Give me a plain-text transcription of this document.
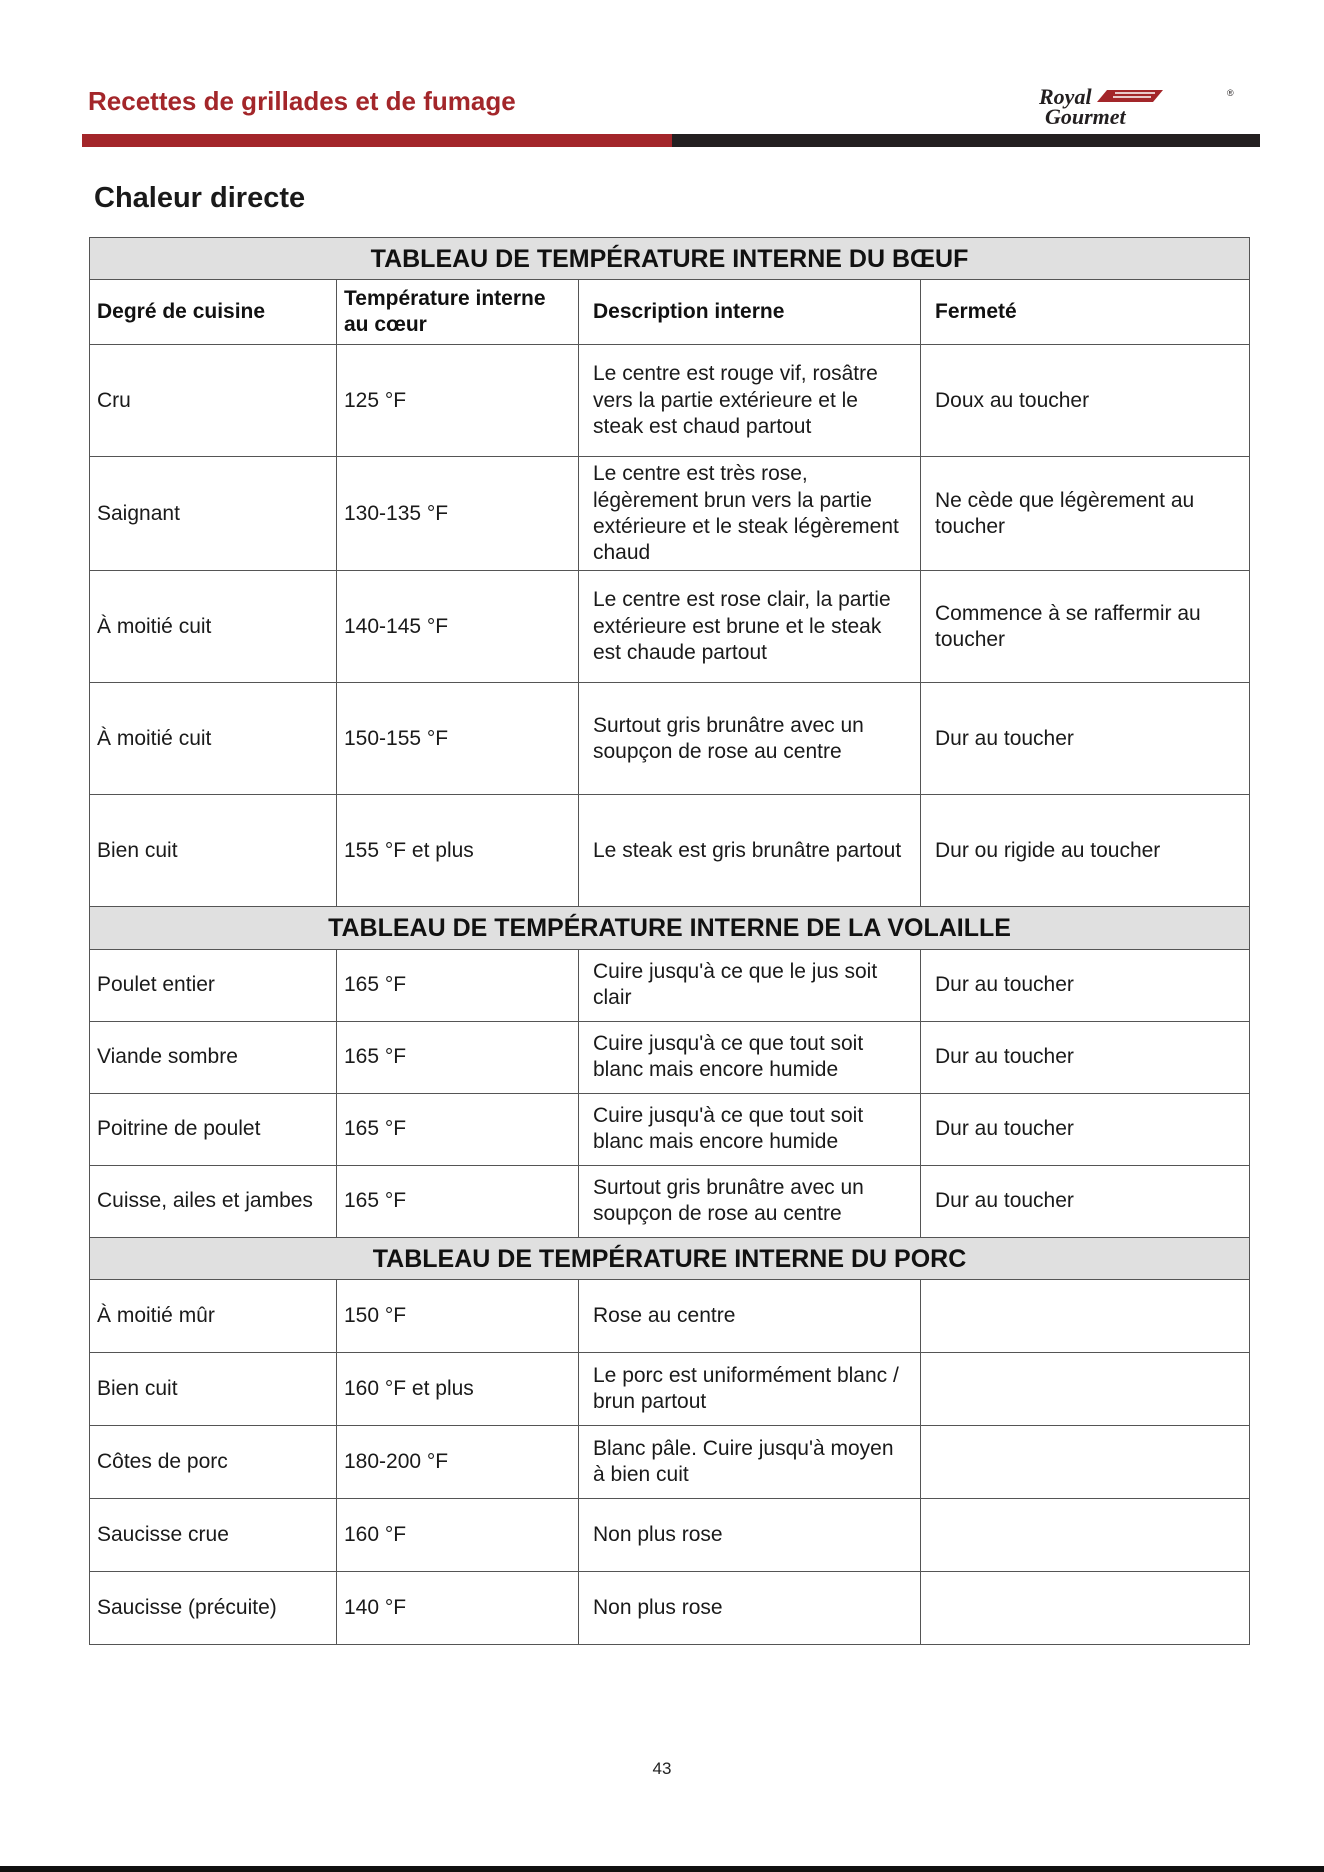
Recettes de grillades et de fumage	Royal
Gourmet
®
Chaleur directe
TABLEAU DE TEMPÉRATURE INTERNE DU BŒUF			
Degré de cuisine	Température interne au cœur	Description interne	Fermeté
Cru	125 °F	Le centre est rouge vif, rosâtre vers la partie extérieure et le steak est chaud partout	Doux au toucher
Saignant	130-135 °F	Le centre est très rose, légèrement brun vers la partie extérieure et le steak légèrement chaud	Ne cède que légèrement au toucher
À moitié cuit	140-145 °F	Le centre est rose clair, la partie extérieure est brune et le steak est chaude partout	Commence à se raffermir au toucher
À moitié cuit	150-155 °F	Surtout gris brunâtre avec un soupçon de rose au centre	Dur au toucher
Bien cuit	155 °F et plus	Le steak est gris brunâtre partout	Dur ou rigide au toucher
TABLEAU DE TEMPÉRATURE INTERNE DE LA VOLAILLE			
Poulet entier	165 °F	Cuire jusqu'à ce que le jus soit clair	Dur au toucher
Viande sombre	165 °F	Cuire jusqu'à ce que tout soit blanc mais encore humide	Dur au toucher
Poitrine de poulet	165 °F	Cuire jusqu'à ce que tout soit blanc mais encore humide	Dur au toucher
Cuisse, ailes et jambes	165 °F	Surtout gris brunâtre avec un soupçon de rose au centre	Dur au toucher
TABLEAU DE TEMPÉRATURE INTERNE DU PORC			
À moitié mûr	150 °F	Rose au centre	
Bien cuit	160 °F et plus	Le porc est uniformément blanc / brun partout	
Côtes de porc	180-200 °F	Blanc pâle. Cuire jusqu'à moyen à bien cuit	
Saucisse crue	160 °F	Non plus rose	
Saucisse (précuite)	140 °F	Non plus rose	
43
